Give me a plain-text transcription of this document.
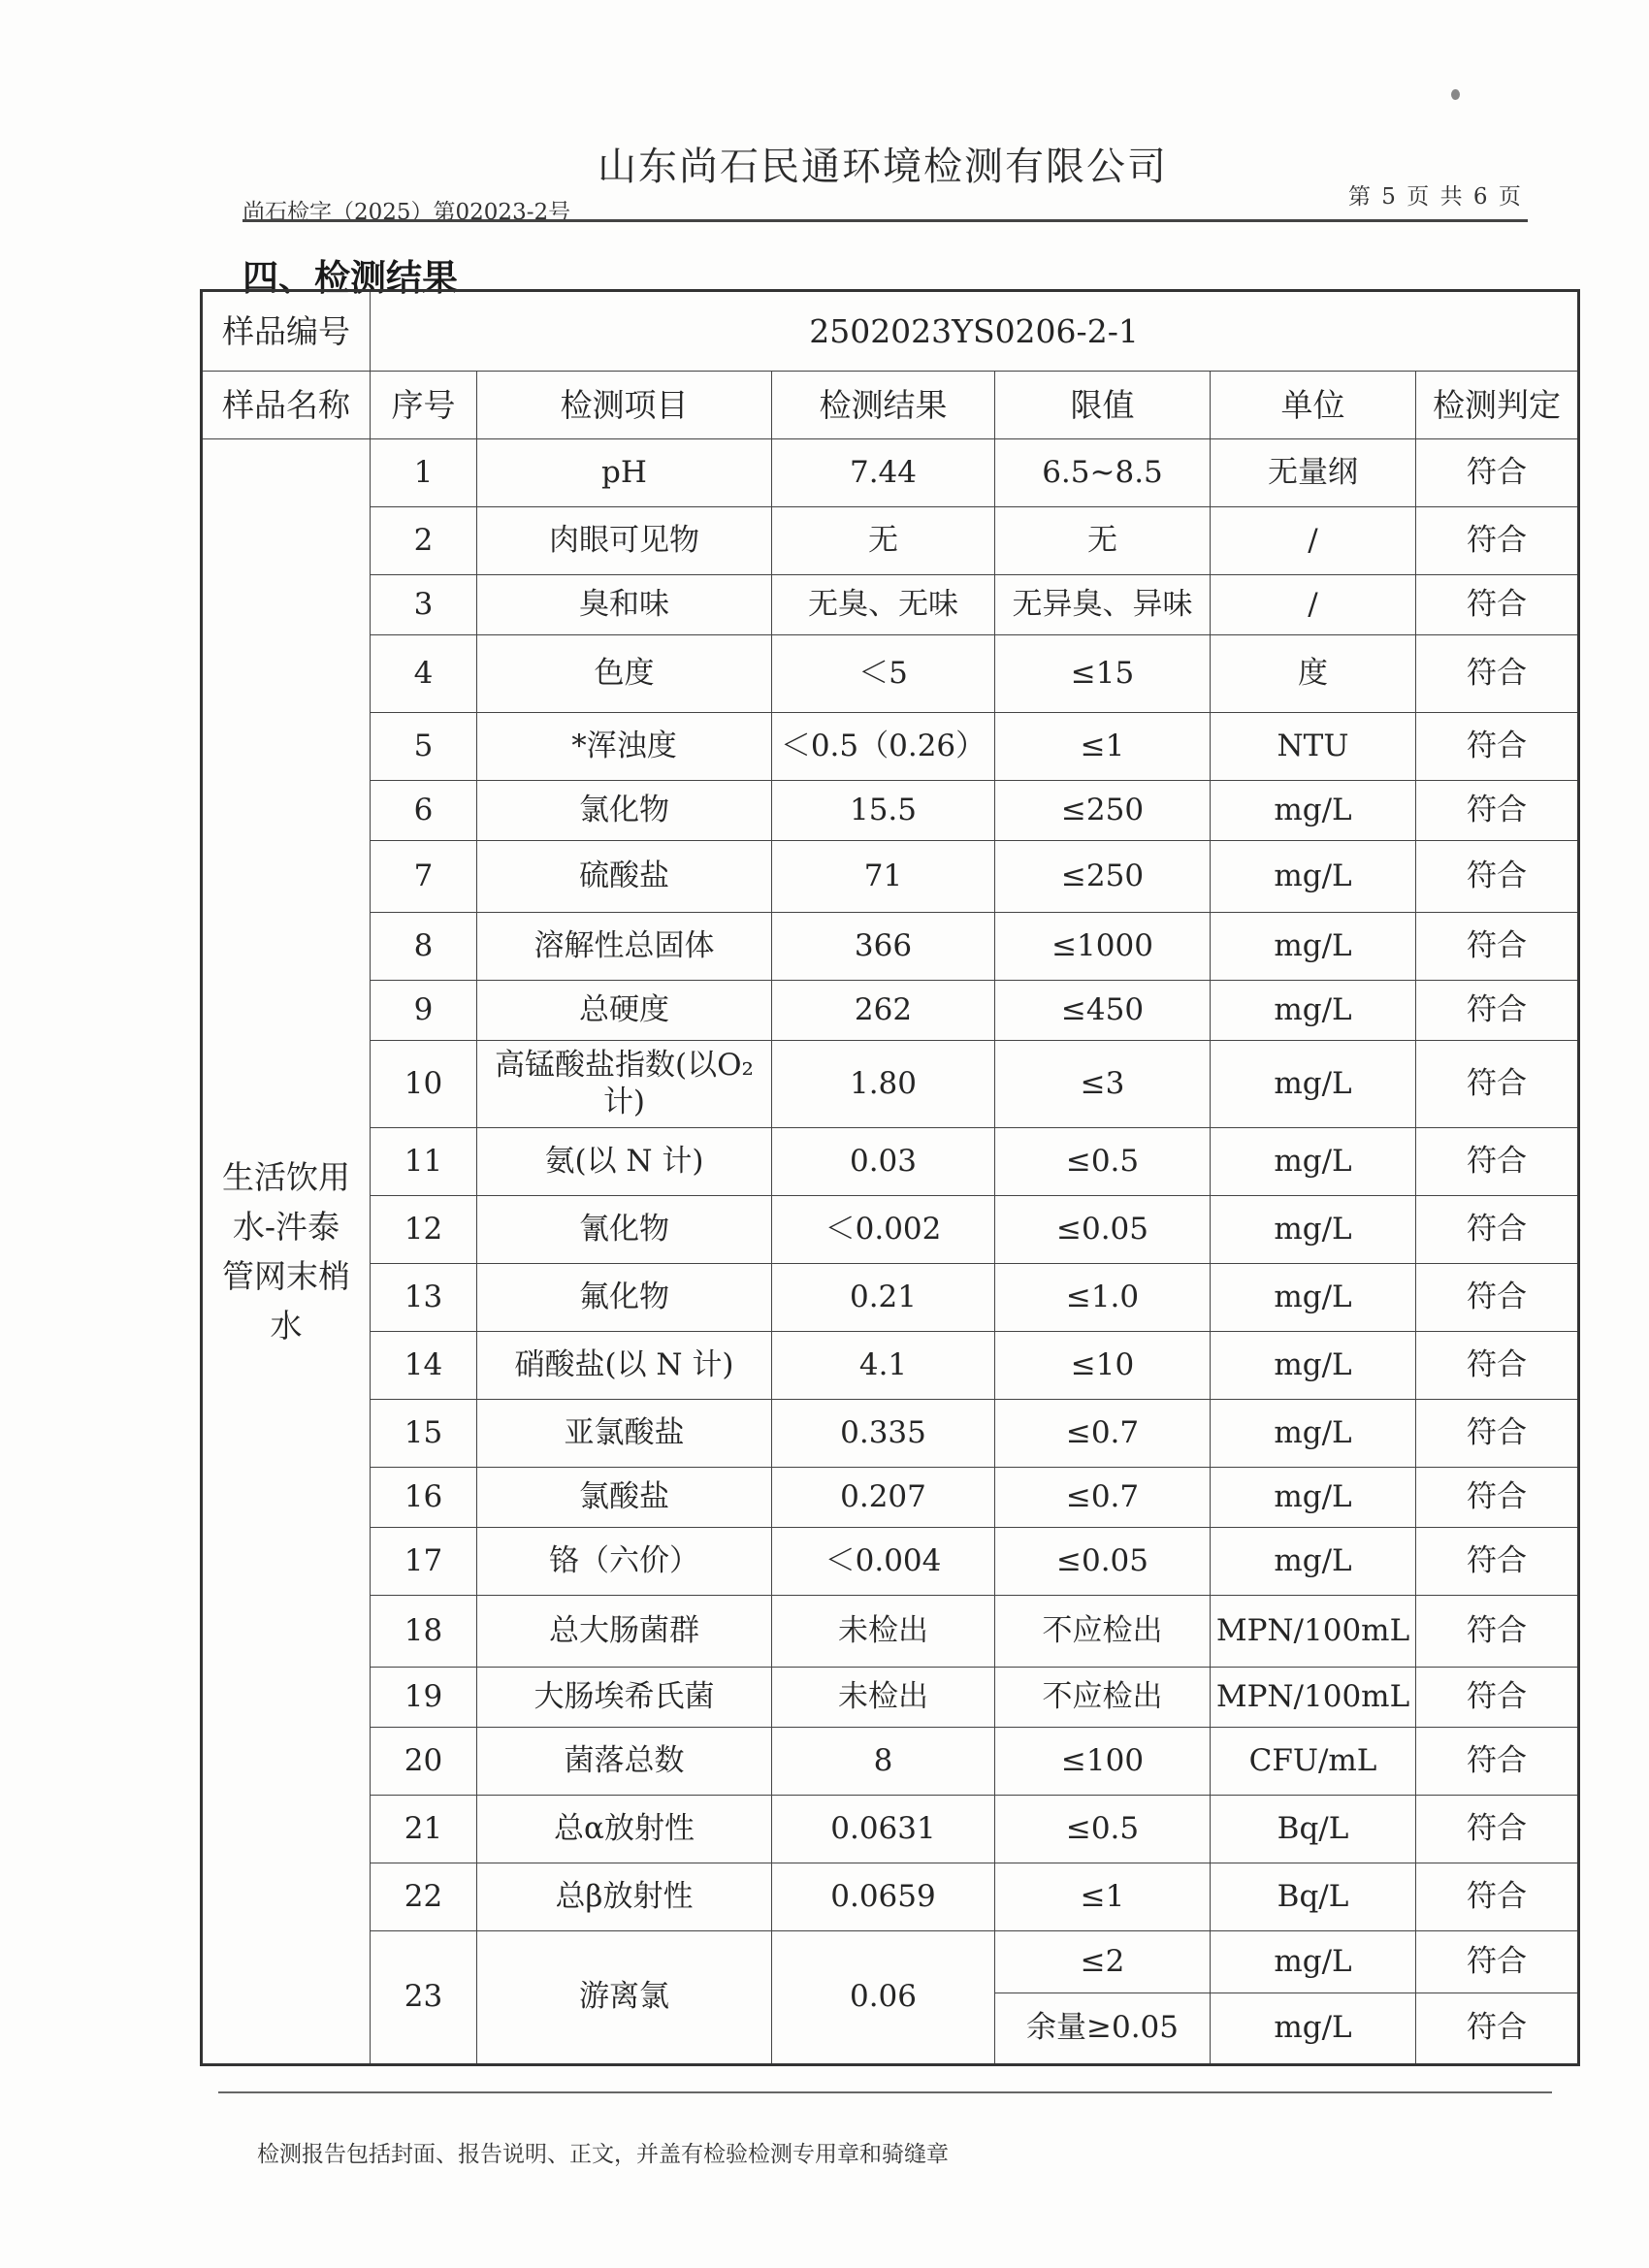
山东尚石民通环境检测有限公司
尚石检字（2025）第02023-2号
第 5 页 共 6 页
四、检测结果
样品编号	2502023YS0206-2-1					
样品名称	序号	检测项目	检测结果	限值	单位	检测判定
生活饮用水-汼泰管网末梢水	1	pH	7.44	6.5~8.5	无量纲	符合
	2	肉眼可见物	无	无	/	符合
	3	臭和味	无臭、无味	无异臭、异味	/	符合
	4	色度	＜5	≤15	度	符合
	5	*浑浊度	＜0.5（0.26）	≤1	NTU	符合
	6	氯化物	15.5	≤250	mg/L	符合
	7	硫酸盐	71	≤250	mg/L	符合
	8	溶解性总固体	366	≤1000	mg/L	符合
	9	总硬度	262	≤450	mg/L	符合
	10	高锰酸盐指数(以O₂计)	1.80	≤3	mg/L	符合
	11	氨(以 N 计)	0.03	≤0.5	mg/L	符合
	12	氰化物	＜0.002	≤0.05	mg/L	符合
	13	氟化物	0.21	≤1.0	mg/L	符合
	14	硝酸盐(以 N 计)	4.1	≤10	mg/L	符合
	15	亚氯酸盐	0.335	≤0.7	mg/L	符合
	16	氯酸盐	0.207	≤0.7	mg/L	符合
	17	铬（六价）	＜0.004	≤0.05	mg/L	符合
	18	总大肠菌群	未检出	不应检出	MPN/100mL	符合
	19	大肠埃希氏菌	未检出	不应检出	MPN/100mL	符合
	20	菌落总数	8	≤100	CFU/mL	符合
	21	总α放射性	0.0631	≤0.5	Bq/L	符合
	22	总β放射性	0.0659	≤1	Bq/L	符合
	23	游离氯	0.06	≤2	mg/L	符合
				余量≥0.05	mg/L	符合
检测报告包括封面、报告说明、正文，并盖有检验检测专用章和骑缝章
